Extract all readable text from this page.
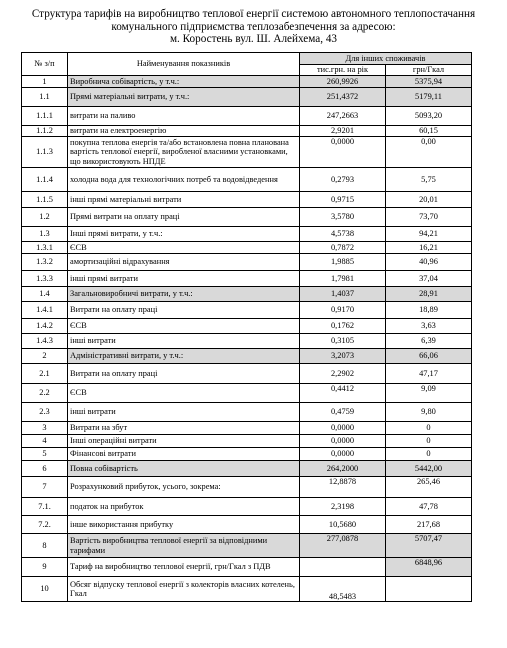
Структура тарифів на виробництво теплової енергії системою автономного теплопостачання
комунального підприємства теплозабезпечення за адресою:
м. Коростень вул. Ш. Алейхема, 43
№ з/п	Найменування показників	Для інших споживачів	
		тис.грн. на рік	грн/Гкал
1	Виробнича собівартість, у т.ч.:	260,9926	5375,94
1.1	Прямі матеріальні витрати, у т.ч.:	251,4372	5179,11
1.1.1	витрати на паливо	247,2663	5093,20
1.1.2	витрати на електроенергію	2,9201	60,15
1.1.3	покупна теплова енергія та/або встановлена повна планована вартість теплової енергії, виробленої власними установками, що використовують НПДЕ	0,0000	0,00
1.1.4	холодна вода для технологічних потреб та водовідведення	0,2793	5,75
1.1.5	інші прямі матеріальні витрати	0,9715	20,01
1.2	Прямі витрати на оплату праці	3,5780	73,70
1.3	Інші прямі витрати, у т.ч.:	4,5738	94,21
1.3.1	ЄСВ	0,7872	16,21
1.3.2	амортизаційні відрахування	1,9885	40,96
1.3.3	інші прямі витрати	1,7981	37,04
1.4	Загальновиробничі витрати, у т.ч.:	1,4037	28,91
1.4.1	Витрати на оплату праці	0,9170	18,89
1.4.2	ЄСВ	0,1762	3,63
1.4.3	інші витрати	0,3105	6,39
2	Адміністративні витрати, у т.ч.:	3,2073	66,06
2.1	Витрати на оплату праці	2,2902	47,17
2.2	ЄСВ	0,4412	9,09
2.3	інші витрати	0,4759	9,80
3	Витрати на збут	0,0000	0
4	Інші операційні витрати	0,0000	0
5	Фінансові витрати	0,0000	0
6	Повна собівартість	264,2000	5442,00
7	Розрахунковий прибуток, усього, зокрема:	12,8878	265,46
7.1.	податок на прибуток	2,3198	47,78
7.2.	інше використання прибутку	10,5680	217,68
8	Вартість виробництва теплової енергії за відповідними тарифами	277,0878	5707,47
9	Тариф на виробництво теплової енергії, грн/Гкал з ПДВ		6848,96
10	Обсяг відпуску теплової енергії з колекторів власних котелень, Гкал	48,5483	
